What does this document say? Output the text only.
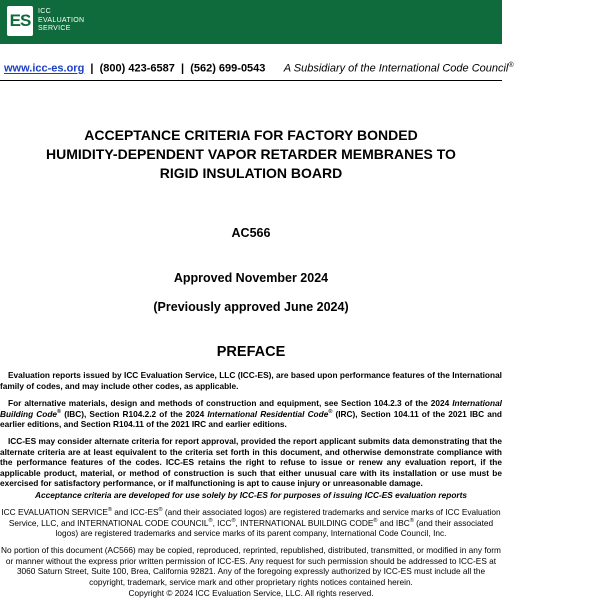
ES ICC
EVALUATION
SERVICE
www.icc-es.org | (800) 423-6587 | (562) 699-0543 A Subsidiary of the International Code Council®
ACCEPTANCE CRITERIA FOR FACTORY BONDED
HUMIDITY-DEPENDENT VAPOR RETARDER MEMBRANES TO
RIGID INSULATION BOARD
AC566
Approved November 2024
(Previously approved June 2024)
PREFACE

Evaluation reports issued by ICC Evaluation Service, LLC (ICC-ES), are based upon performance features of the International family of codes, and may include other codes, as applicable.

For alternative materials, design and methods of construction and equipment, see Section 104.2.3 of the 2024 International Building Code® (IBC), Section R104.2.2 of the 2024 International Residential Code® (IRC), Section 104.11 of the 2021 IBC and earlier editions, and Section R104.11 of the 2021 IRC and earlier editions.

ICC-ES may consider alternate criteria for report approval, provided the report applicant submits data demonstrating that the alternate criteria are at least equivalent to the criteria set forth in this document, and otherwise demonstrate compliance with the performance features of the codes. ICC-ES retains the right to refuse to issue or renew any evaluation report, if the applicable product, material, or method of construction is such that either unusual care with its installation or use must be exercised for satisfactory performance, or if malfunctioning is apt to cause injury or unreasonable damage.

Acceptance criteria are developed for use solely by ICC-ES for purposes of issuing ICC-ES evaluation reports

ICC EVALUATION SERVICE® and ICC-ES® (and their associated logos) are registered trademarks and service marks of ICC Evaluation Service, LLC, and INTERNATIONAL CODE COUNCIL®, ICC®, INTERNATIONAL BUILDING CODE® and IBC® (and their associated logos) are registered trademarks and service marks of its parent company, International Code Council, Inc.

No portion of this document (AC566) may be copied, reproduced, reprinted, republished, distributed, transmitted, or modified in any form or manner without the express prior written permission of ICC-ES. Any request for such permission should be addressed to ICC-ES at 3060 Saturn Street, Suite 100, Brea, California 92821. Any of the foregoing expressly authorized by ICC-ES must include all the copyright, trademark, service mark and other proprietary rights notices contained herein.

Copyright © 2024 ICC Evaluation Service, LLC. All rights reserved.
